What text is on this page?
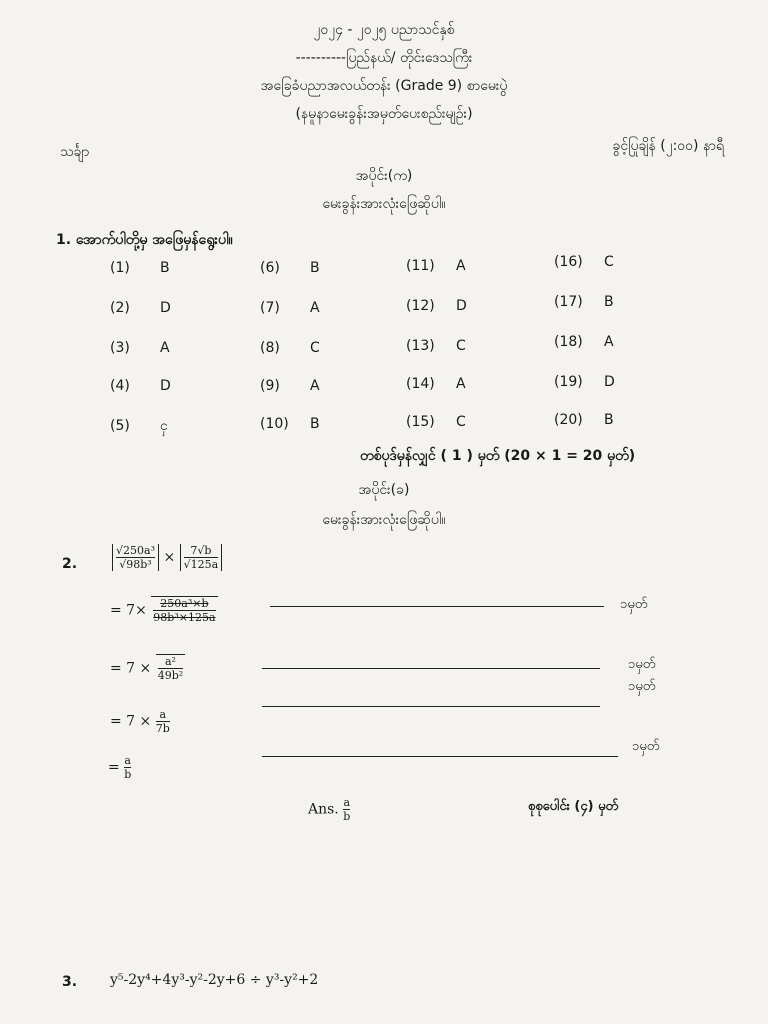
၂၀၂၄ - ၂၀၂၅ ပညာသင်နှစ်
----------ပြည်နယ်/ တိုင်းဒေသကြီး
အခြေခံပညာအလယ်တန်း (Grade 9) စာမေးပွဲ
(နမူနာမေးခွန်းအမှတ်ပေးစည်းမျဉ်း)
သင်္ချာ	ခွင့်ပြုချိန် (၂:၀၀) နာရီ
အပိုင်း(က)
မေးခွန်းအားလုံးဖြေဆိုပါ။
1. အောက်ပါတို့မှ အဖြေမှန်ရွေးပါ။
(1) B
(2) D
(3) A
(4) D
(5) ငှ
(6) B
(7) A
(8) C
(9) A
(10) B
(11) A
(12) D
(13) C
(14) A
(15) C
(16) C
(17) B
(18) A
(19) D
(20) B
တစ်ပုဒ်မှန်လျှင် ( 1 ) မှတ် (20 × 1 = 20 မှတ်)
အပိုင်း(ခ)
မေးခွန်းအားလုံးဖြေဆိုပါ။
2.	$\frac{\text{√250a³}}{\text{√98b³}} \times \frac{7√b}{√125a}$
= $7\times \frac{\text{250a³×b}}{\text{98b³×125a}}$	၁မှတ်
= $7 \times \frac{\text{a²}}{\text{49b²}}$	၁မှတ်
၁မှတ်
= $7 \times \frac{a}{7b}$
= $\frac{a}{b}$
၁မှတ်
Ans. $\frac{a}{b}$	စုစုပေါင်း (၄) မှတ်
3. y⁵-2y⁴+4y³-y²-2y+6 ÷ y³-y²+2
